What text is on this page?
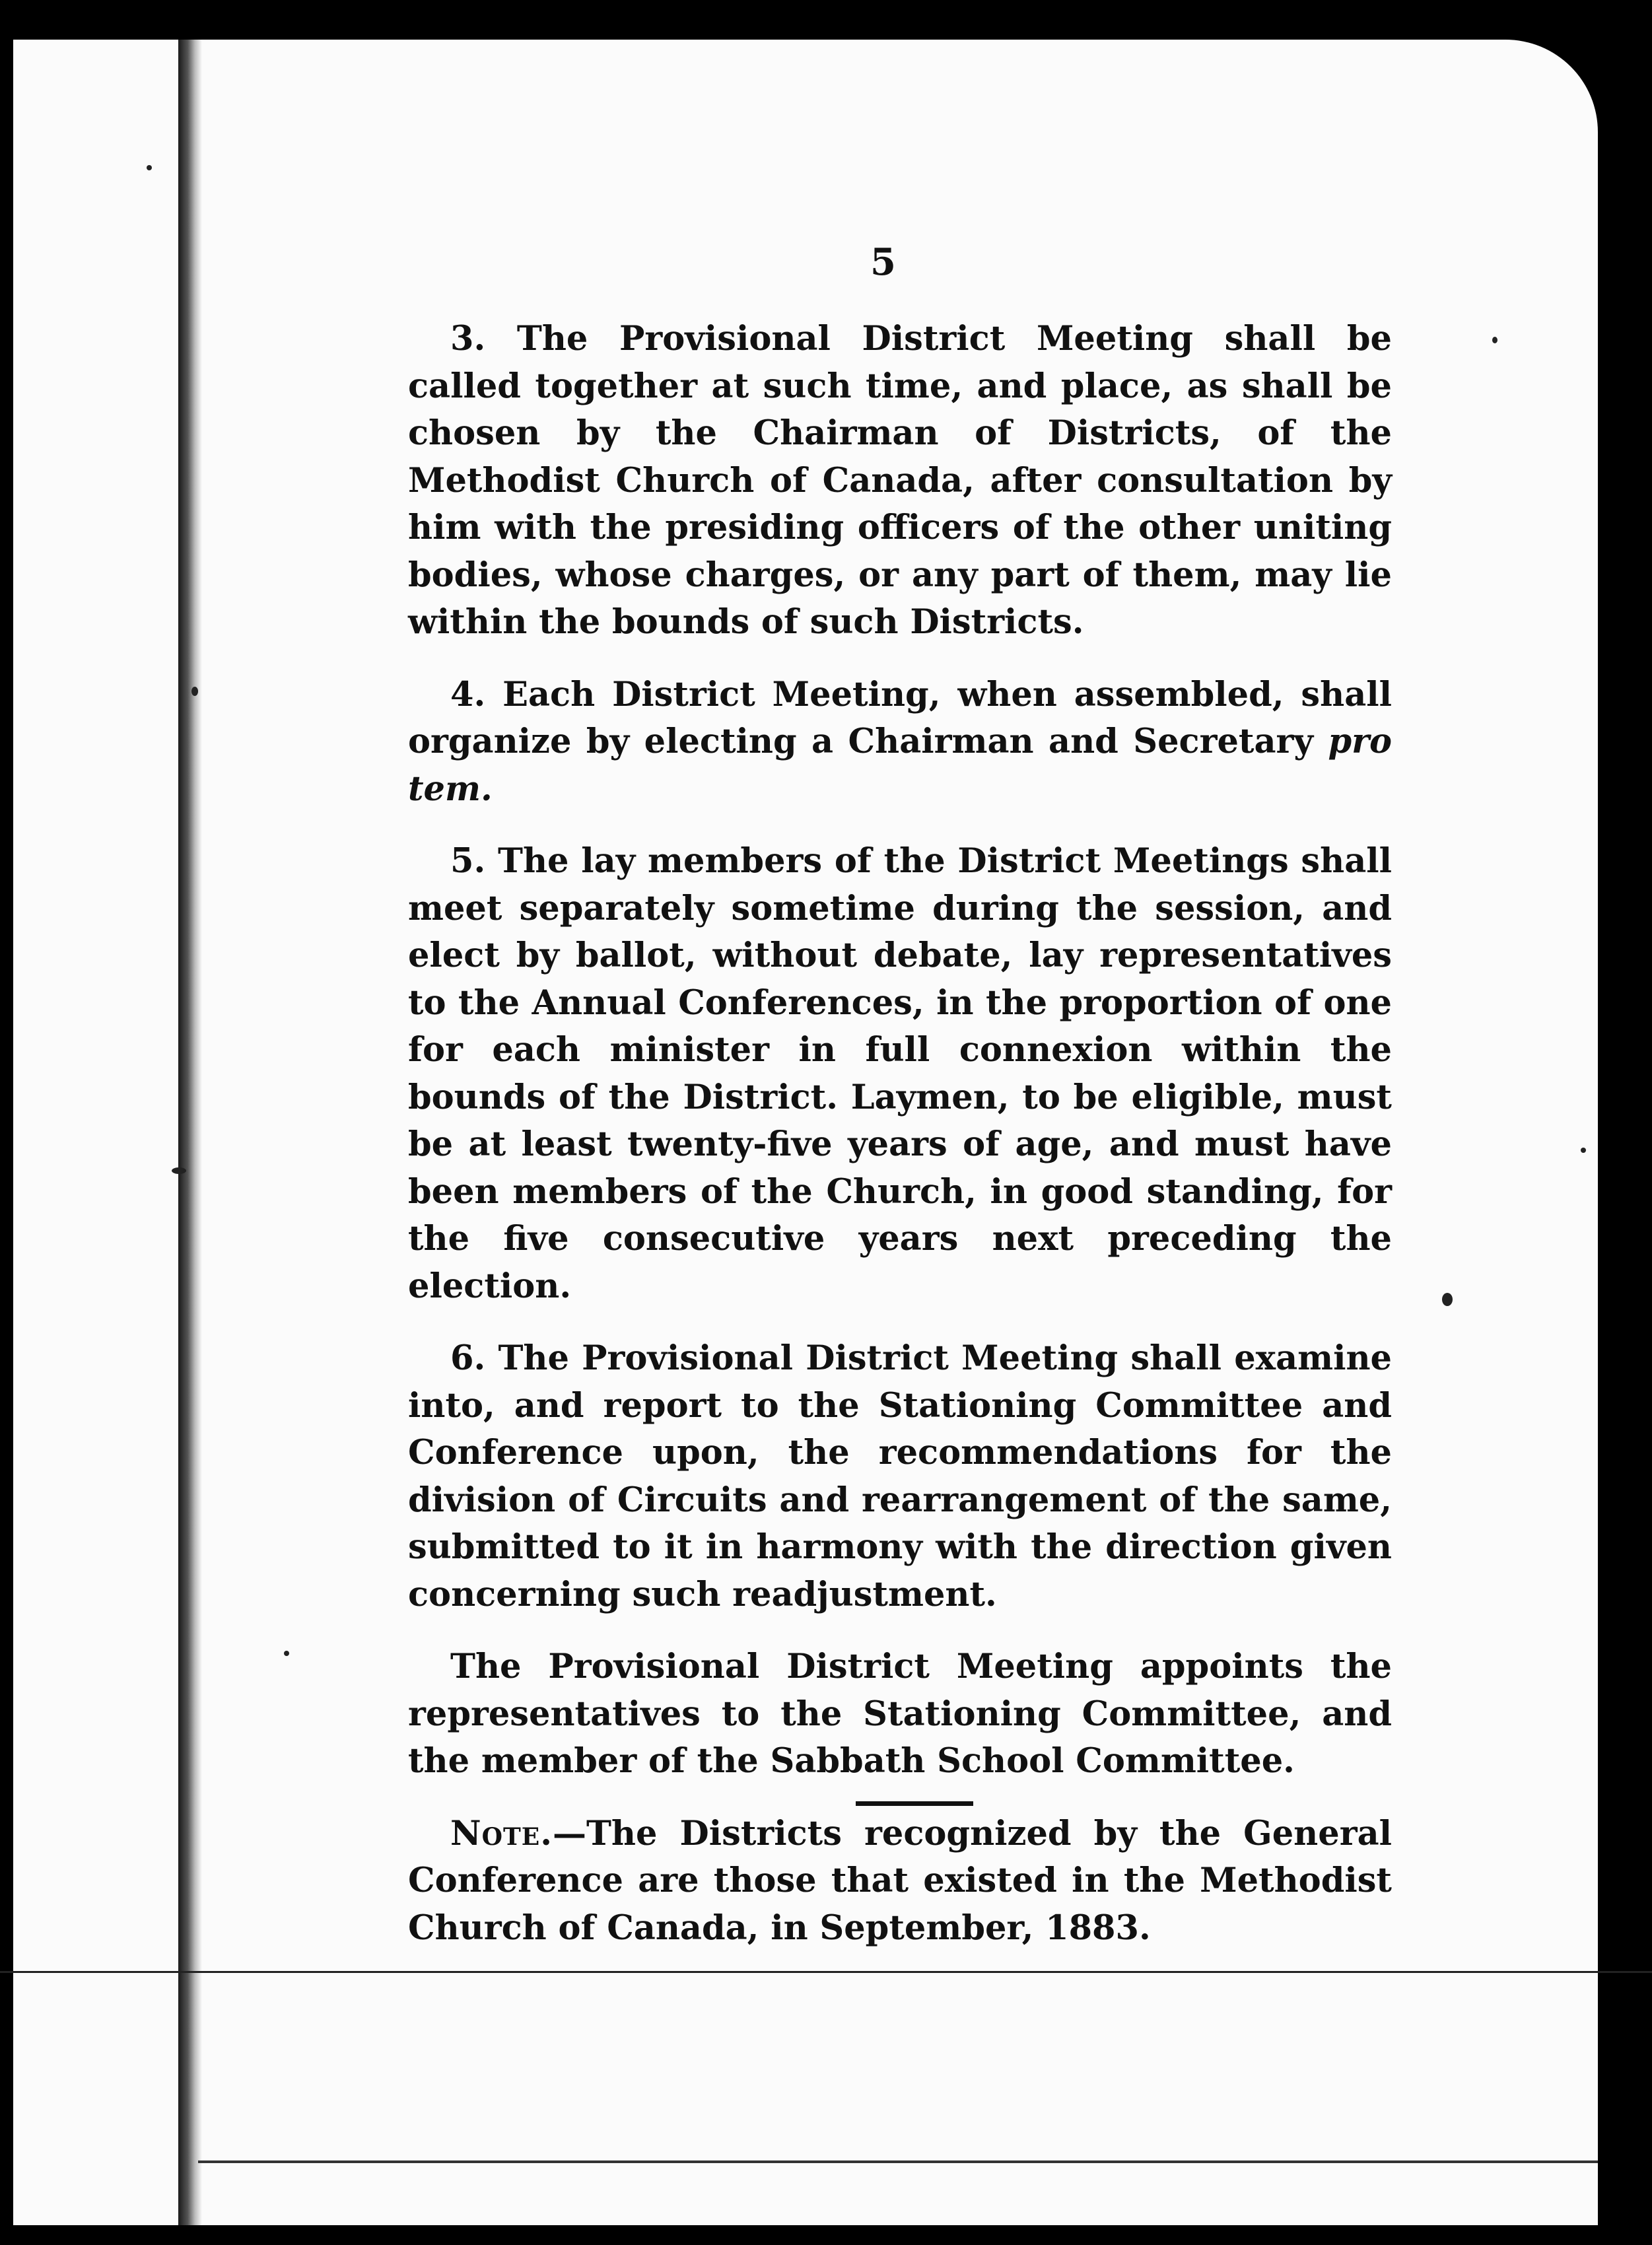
5

3. The Provisional District Meeting shall be called together at such time, and place, as shall be chosen by the Chairman of Districts, of the Methodist Church of Canada, after consultation by him with the presiding officers of the other uniting bodies, whose charges, or any part of them, may lie within the bounds of such Districts.

4. Each District Meeting, when assembled, shall organize by electing a Chairman and Secretary pro tem.

5. The lay members of the District Meetings shall meet separately sometime during the session, and elect by ballot, without debate, lay representatives to the Annual Conferences, in the proportion of one for each minister in full connexion within the bounds of the District. Laymen, to be eligible, must be at least twenty-five years of age, and must have been members of the Church, in good standing, for the five consecutive years next preceding the election.

6. The Provisional District Meeting shall examine into, and report to the Stationing Committee and Conference upon, the recommendations for the division of Circuits and rearrangement of the same, submitted to it in harmony with the direction given concerning such readjustment.

The Provisional District Meeting appoints the representatives to the Stationing Committee, and the member of the Sabbath School Committee.

Note.—The Districts recognized by the General Conference are those that existed in the Methodist Church of Canada, in September, 1883.
